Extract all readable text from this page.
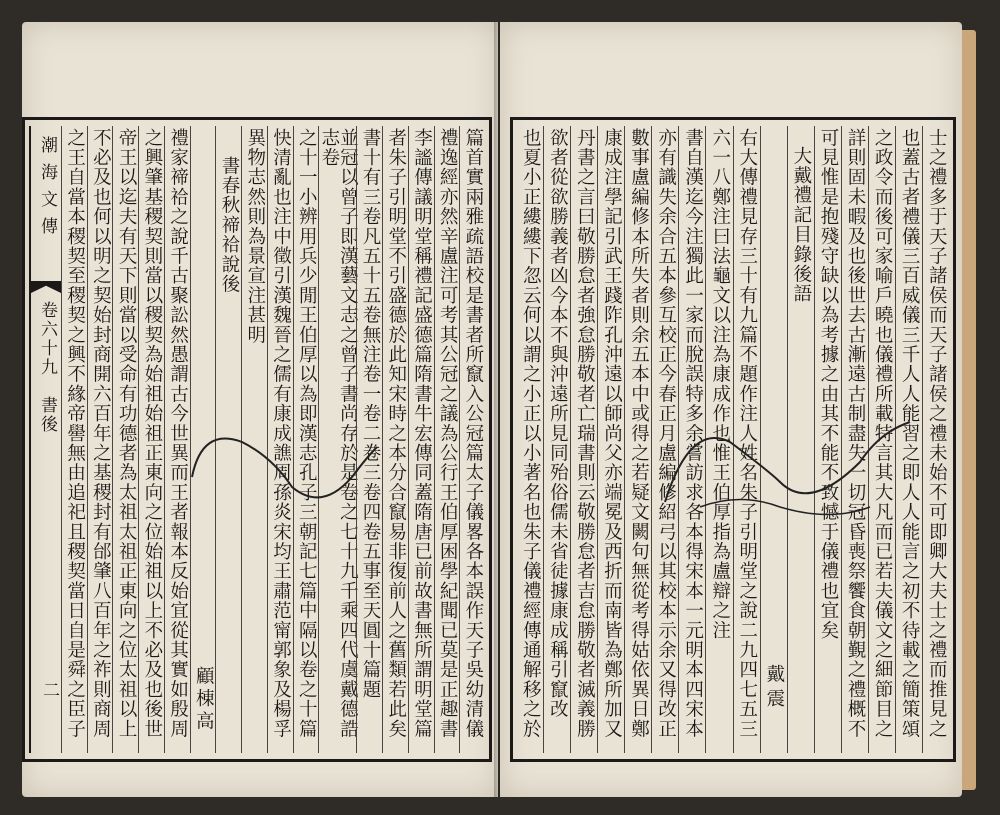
潮海文傳
卷六十九　書後
二 之王自當本稷契至稷契之興不緣帝嚳無由追祀且稷契當日自是舜之臣子 不必及也何以明之契始封商開六百年之基稷封有邰肇八百年之祚則商周 帝王以迄夫有天下則當以受命有功德者為太祖太祖正東向之位太祖以上 之興肇基稷契則當以稷契為始祖始祖正東向之位始祖以上不必及也後世 禮家禘祫之說千古聚訟然愚謂古今世異而王者報本反始宜從其實如殷周 顧棟高
書春秋禘祫說後 異物志然則為景宣注甚明 快清亂也注中徵引漢魏晉之儒有康成譙周孫炎宋均王肅范甯郭象及楊孚 之十一小辨用兵少閒王伯厚以為即漢志孔子三朝記七篇中隔以卷之十篇	並冠以曾子即漢藝文志之曾子書尚存於是卷之七十九千乘四代虞戴德誥志卷	書十有三卷凡五十五卷無注卷一卷二卷三卷四卷五事至天圓十篇題 者朱子引明堂不引盛德於此知宋時之本分合竄易非復前人之舊類若此矣 李謐傳議明堂稱禮記盛德篇隋書牛宏傳同蓋隋唐已前故書無所謂明堂篇 禮逸經亦然辛盧注可考其公冠之議為公行王伯厚困學紀聞已莫是正趣書 篇首實兩雅疏語校是書者所竄入公冠篇太子儀畧各本誤作天子吳幼清儀 也夏小正縷縷下忽云何以謂之小正以小著名也朱子儀禮經傳通解移之於 欲者從欲勝義者凶今本不與沖遠所見同殆俗儒未省徒據康成稱引竄改 丹書之言曰敬勝怠者強怠勝敬者亡瑞書則云敬勝怠者吉怠勝敬者滅義勝 康成注學記引武王踐阼孔沖遠以師尚父亦端冕及西折而南皆為鄭所加又 數事盧編修本所失者則余五本中或得之若疑文闕句無從考得姑依異日鄭 亦有識失余合五本參互校正今春正月盧編修紹弓以其校本示余又得改正 書自漢迄今注獨此一家而脫誤特多余嘗訪求各本得宋本一元明本四宋本 六一八鄭注曰法龜文以注為康成作也惟王伯厚指為盧辯之注 右大傳禮見存三十有九篇不題作注人姓名朱子引明堂之說二九四七五三 戴震
大戴禮記目錄後語 可見惟是抱殘守缺以為考據之由其不能不致憾于儀禮也宜矣 詳則固未暇及也後世去古漸遠古制盡失一切冠昏喪祭饗食朝覲之禮概不 之政令而後可家喻戶曉也儀禮所載特言其大凡而已若夫儀文之細節目之 也蓋古者禮儀三百威儀三千人人能習之即人人能言之初不待載之簡策頌 士之禮多于天子諸侯而天子諸侯之禮未始不可即卿大夫士之禮而推見之
